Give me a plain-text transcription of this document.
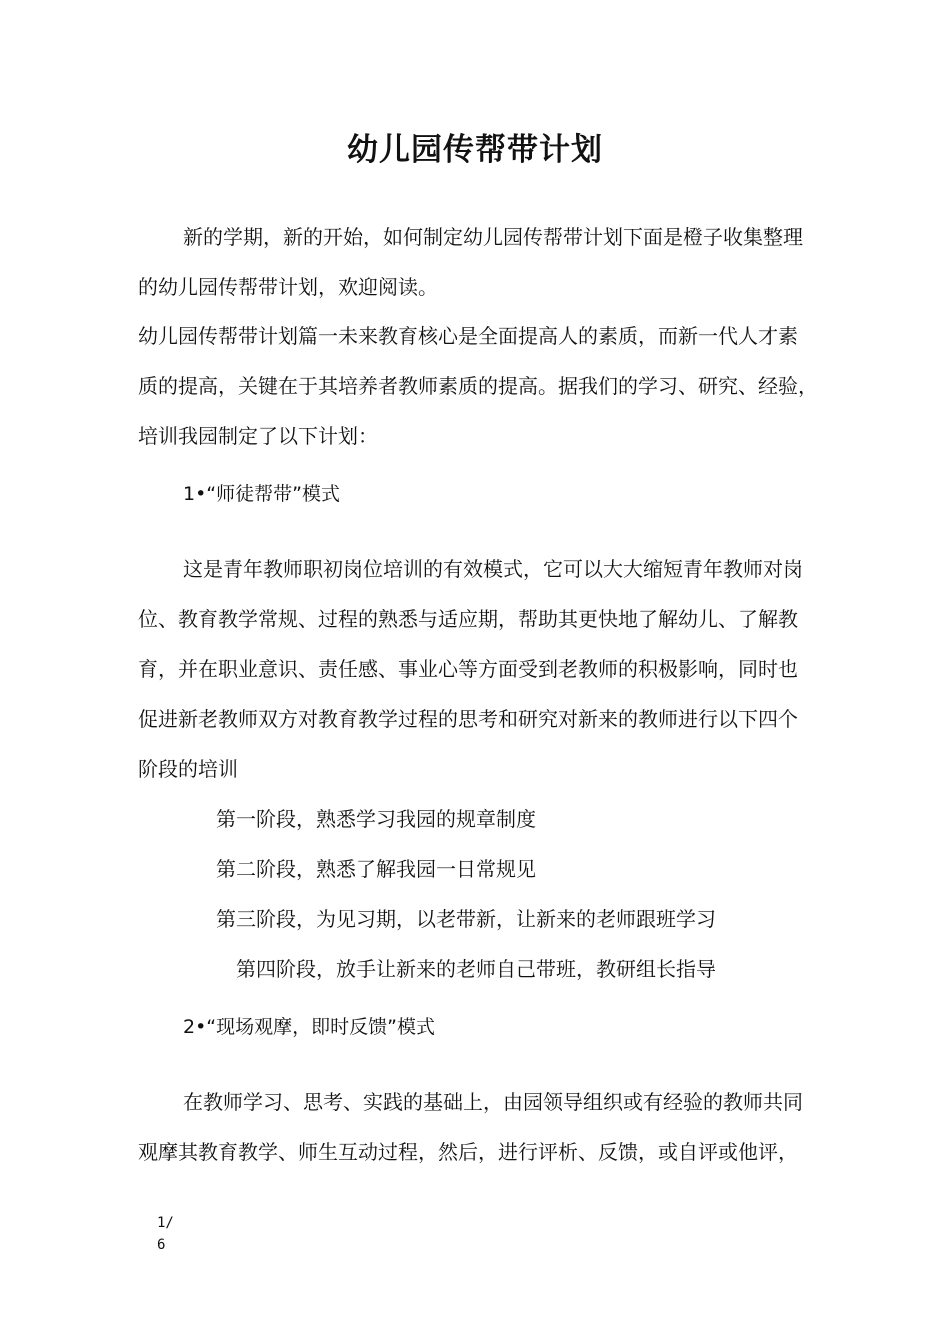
幼儿园传帮带计划
新的学期，新的开始，如何制定幼儿园传帮带计划下面是橙子收集整理
的幼儿园传帮带计划，欢迎阅读。
幼儿园传帮带计划篇一未来教育核心是全面提高人的素质，而新一代人才素
质的提高，关键在于其培养者教师素质的提高。据我们的学习、研究、经验，
培训我园制定了以下计划：
1•“师徒帮带”模式
这是青年教师职初岗位培训的有效模式，它可以大大缩短青年教师对岗
位、教育教学常规、过程的熟悉与适应期，帮助其更快地了解幼儿、了解教
育，并在职业意识、责任感、事业心等方面受到老教师的积极影响，同时也
促进新老教师双方对教育教学过程的思考和研究对新来的教师进行以下四个
阶段的培训
第一阶段，熟悉学习我园的规章制度
第二阶段，熟悉了解我园一日常规见
第三阶段，为见习期，以老带新，让新来的老师跟班学习
第四阶段，放手让新来的老师自己带班，教研组长指导
2•“现场观摩，即时反馈”模式
在教师学习、思考、实践的基础上，由园领导组织或有经验的教师共同
观摩其教育教学、师生互动过程，然后，进行评析、反馈，或自评或他评，
1/6
